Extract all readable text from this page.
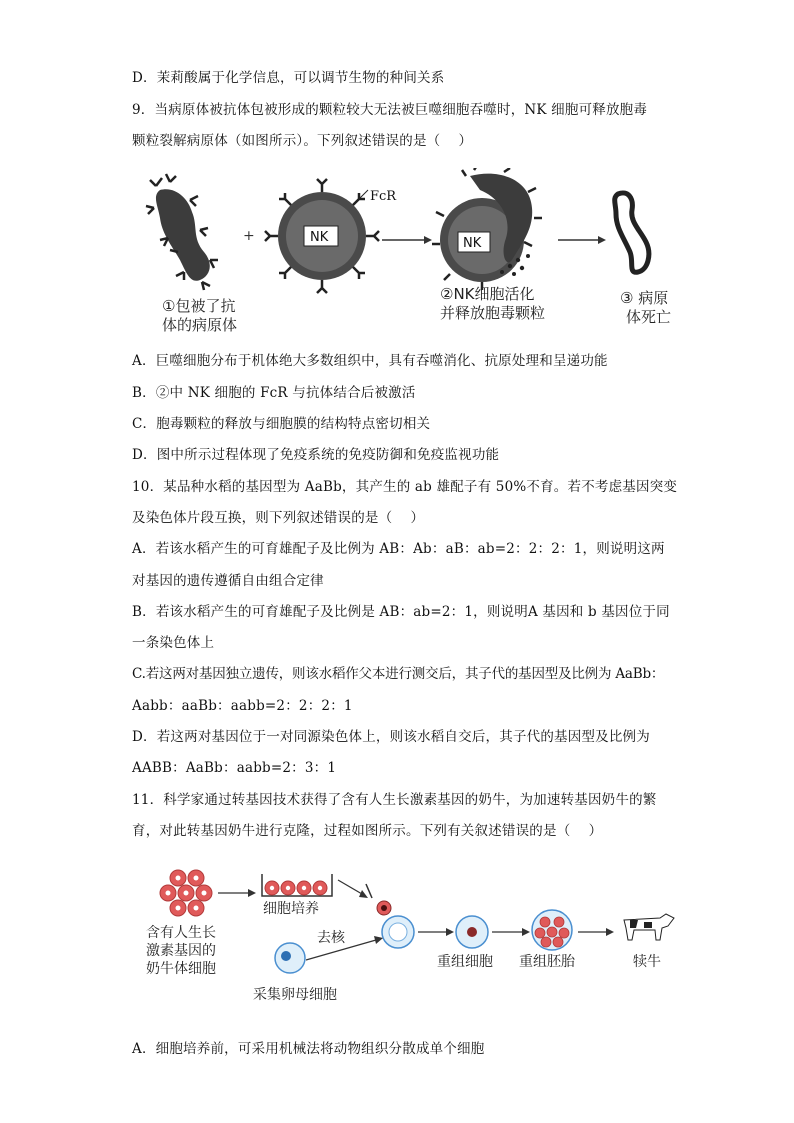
D．茉莉酸属于化学信息，可以调节生物的种间关系
9．当病原体被抗体包被形成的颗粒较大无法被巨噬细胞吞噬时，NK 细胞可释放胞毒
颗粒裂解病原体（如图所示）。下列叙述错误的是（　 ）
+	NK
FcR
NK
①包被了抗
体的病原体
②NK细胞活化
并释放胞毒颗粒
③ 病原
体死亡
A．巨噬细胞分布于机体绝大多数组织中，具有吞噬消化、抗原处理和呈递功能
B．②中 NK 细胞的 FcR 与抗体结合后被激活
C．胞毒颗粒的释放与细胞膜的结构特点密切相关
D．图中所示过程体现了免疫系统的免疫防御和免疫监视功能
10．某品种水稻的基因型为 AaBb，其产生的 ab 雄配子有 50%不育。若不考虑基因突变
及染色体片段互换，则下列叙述错误的是（　 ）
A．若该水稻产生的可育雄配子及比例为 AB：Ab：aB：ab=2：2：2：1，则说明这两
对基因的遗传遵循自由组合定律
B．若该水稻产生的可育雄配子及比例是 AB：ab=2：1，则说明A 基因和 b 基因位于同
一条染色体上
C.若这两对基因独立遗传，则该水稻作父本进行测交后，其子代的基因型及比例为 AaBb：
Aabb：aaBb：aabb=2：2：2：1
D．若这两对基因位于一对同源染色体上，则该水稻自交后，其子代的基因型及比例为
AABB：AaBb：aabb=2：3：1
11．科学家通过转基因技术获得了含有人生长激素基因的奶牛，为加速转基因奶牛的繁
育，对此转基因奶牛进行克隆，过程如图所示。下列有关叙述错误的是（　 ）
细胞培养
去核
含有人生长
激素基因的
奶牛体细胞
采集卵母细胞
重组细胞 重组胚胎	犊牛
A．细胞培养前，可采用机械法将动物组织分散成单个细胞
